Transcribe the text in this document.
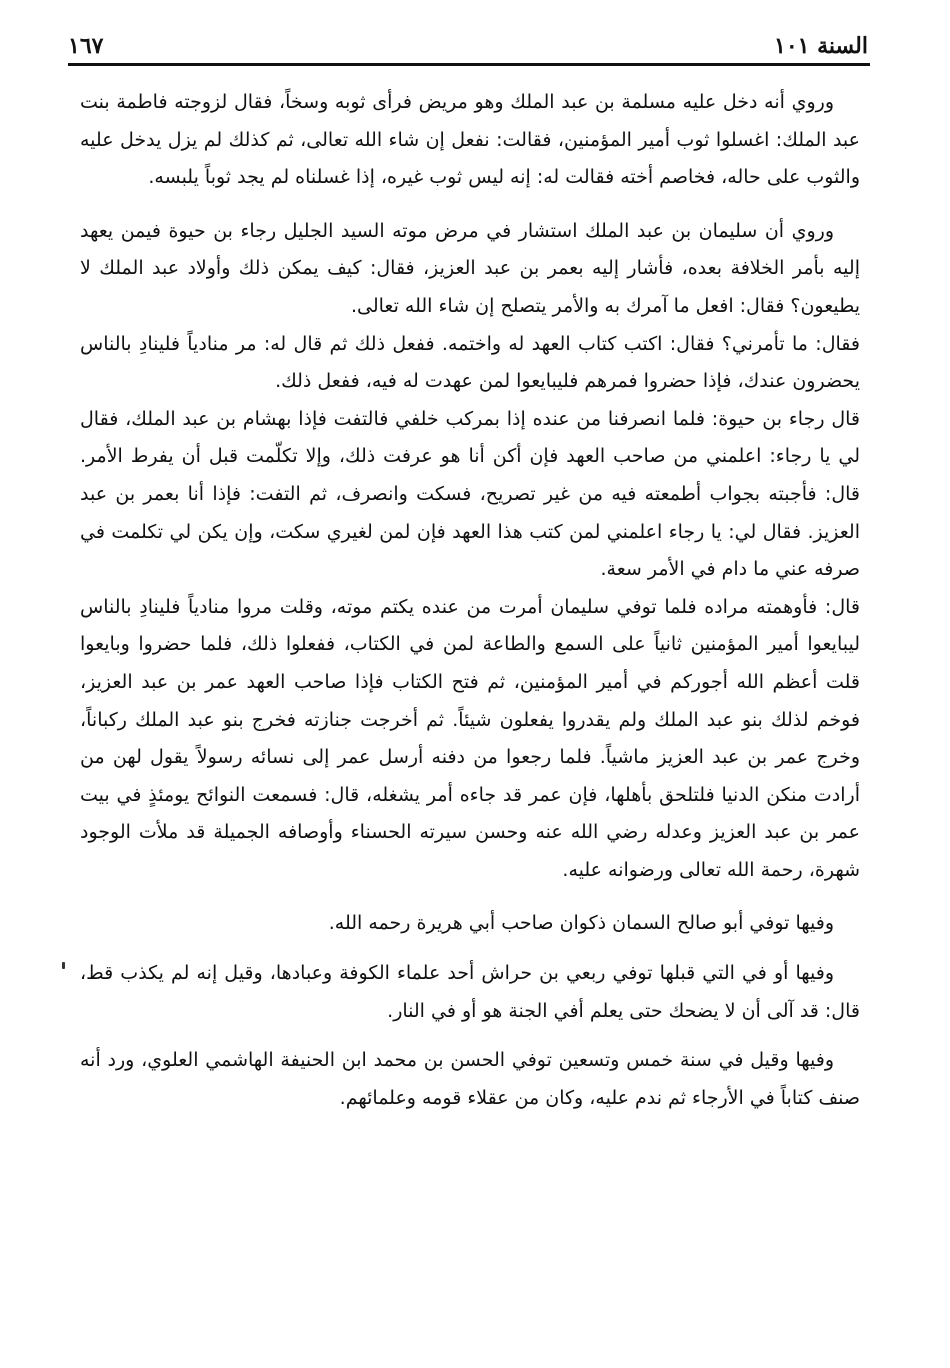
السنة ١٠١
١٦٧

وروي أنه دخل عليه مسلمة بن عبد الملك وهو مريض فرأى ثوبه وسخاً، فقال لزوجته فاطمة بنت عبد الملك: اغسلوا ثوب أمير المؤمنين، فقالت: نفعل إن شاء الله تعالى، ثم كذلك لم يزل يدخل عليه والثوب على حاله، فخاصم أخته فقالت له: إنه ليس ثوب غيره، إذا غسلناه لم يجد ثوباً يلبسه.

وروي أن سليمان بن عبد الملك استشار في مرض موته السيد الجليل رجاء بن حيوة فيمن يعهد إليه بأمر الخلافة بعده، فأشار إليه بعمر بن عبد العزيز، فقال: كيف يمكن ذلك وأولاد عبد الملك لا يطيعون؟ فقال: افعل ما آمرك به والأمر يتصلح إن شاء الله تعالى.

فقال: ما تأمرني؟ فقال: اكتب كتاب العهد له واختمه. ففعل ذلك ثم قال له: مر منادياً فلينادِ بالناس يحضرون عندك، فإذا حضروا فمرهم فليبايعوا لمن عهدت له فيه، ففعل ذلك.

قال رجاء بن حيوة: فلما انصرفنا من عنده إذا بمركب خلفي فالتفت فإذا بهشام بن عبد الملك، فقال لي يا رجاء: اعلمني من صاحب العهد فإن أكن أنا هو عرفت ذلك، وإلا تكلّمت قبل أن يفرط الأمر. قال: فأجبته بجواب أطمعته فيه من غير تصريح، فسكت وانصرف، ثم التفت: فإذا أنا بعمر بن عبد العزيز. فقال لي: يا رجاء اعلمني لمن كتب هذا العهد فإن لمن لغيري سكت، وإن يكن لي تكلمت في صرفه عني ما دام في الأمر سعة.

قال: فأوهمته مراده فلما توفي سليمان أمرت من عنده يكتم موته، وقلت مروا منادياً فلينادِ بالناس ليبايعوا أمير المؤمنين ثانياً على السمع والطاعة لمن في الكتاب، ففعلوا ذلك، فلما حضروا وبايعوا قلت أعظم الله أجوركم في أمير المؤمنين، ثم فتح الكتاب فإذا صاحب العهد عمر بن عبد العزيز، فوخم لذلك بنو عبد الملك ولم يقدروا يفعلون شيئاً. ثم أخرجت جنازته فخرج بنو عبد الملك ركباناً، وخرج عمر بن عبد العزيز ماشياً. فلما رجعوا من دفنه أرسل عمر إلى نسائه رسولاً يقول لهن من أرادت منكن الدنيا فلتلحق بأهلها، فإن عمر قد جاءه أمر يشغله، قال: فسمعت النوائح يومئذٍ في بيت عمر بن عبد العزيز وعدله رضي الله عنه وحسن سيرته الحسناء وأوصافه الجميلة قد ملأت الوجود شهرة، رحمة الله تعالى ورضوانه عليه.

وفيها توفي أبو صالح السمان ذكوان صاحب أبي هريرة رحمه الله.

وفيها أو في التي قبلها توفي ربعي بن حراش أحد علماء الكوفة وعبادها، وقيل إنه لم يكذب قط، قال: قد آلى أن لا يضحك حتى يعلم أفي الجنة هو أو في النار.

وفيها وقيل في سنة خمس وتسعين توفي الحسن بن محمد ابن الحنيفة الهاشمي العلوي، ورد أنه صنف كتاباً في الأرجاء ثم ندم عليه، وكان من عقلاء قومه وعلمائهم.
